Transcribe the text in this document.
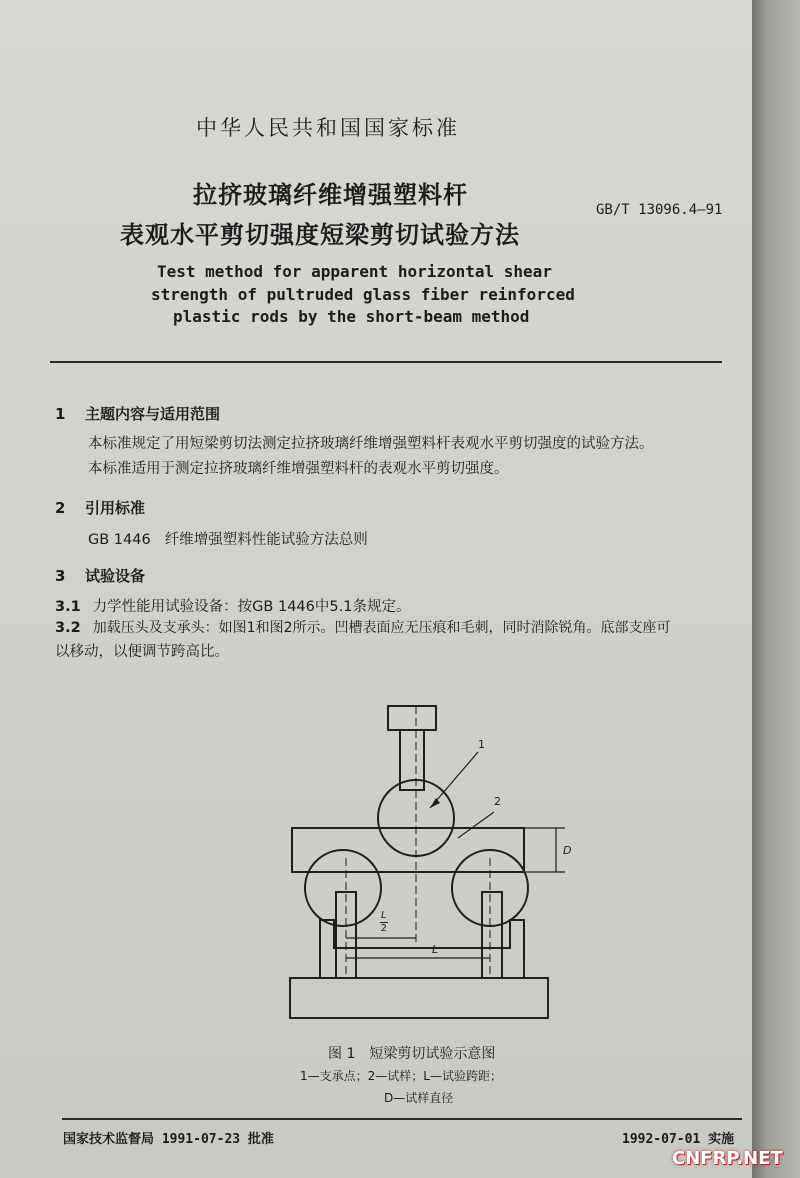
中华人民共和国国家标准
拉挤玻璃纤维增强塑料杆
表观水平剪切强度短梁剪切试验方法
GB/T 13096.4—91
Test method for apparent horizontal shear
strength of pultruded glass fiber reinforced
plastic rods by the short-beam method
1 主题内容与适用范围
本标准规定了用短梁剪切法测定拉挤玻璃纤维增强塑料杆表观水平剪切强度的试验方法。
本标准适用于测定拉挤玻璃纤维增强塑料杆的表观水平剪切强度。
2 引用标准
GB 1446 纤维增强塑料性能试验方法总则
3 试验设备
3.1 力学性能用试验设备：按GB 1446中5.1条规定。
3.2 加载压头及支承头：如图1和图2所示。凹槽表面应无压痕和毛刺，同时消除锐角。底部支座可
以移动，以便调节跨高比。
1
2
D
L
$\frac{L}{2}$
图 1　短梁剪切试验示意图
1—支承点；2—试样；L—试验跨距；
D—试样直径
国家技术监督局 1991-07-23 批准	1992-07-01 实施
CNFRP.NET
